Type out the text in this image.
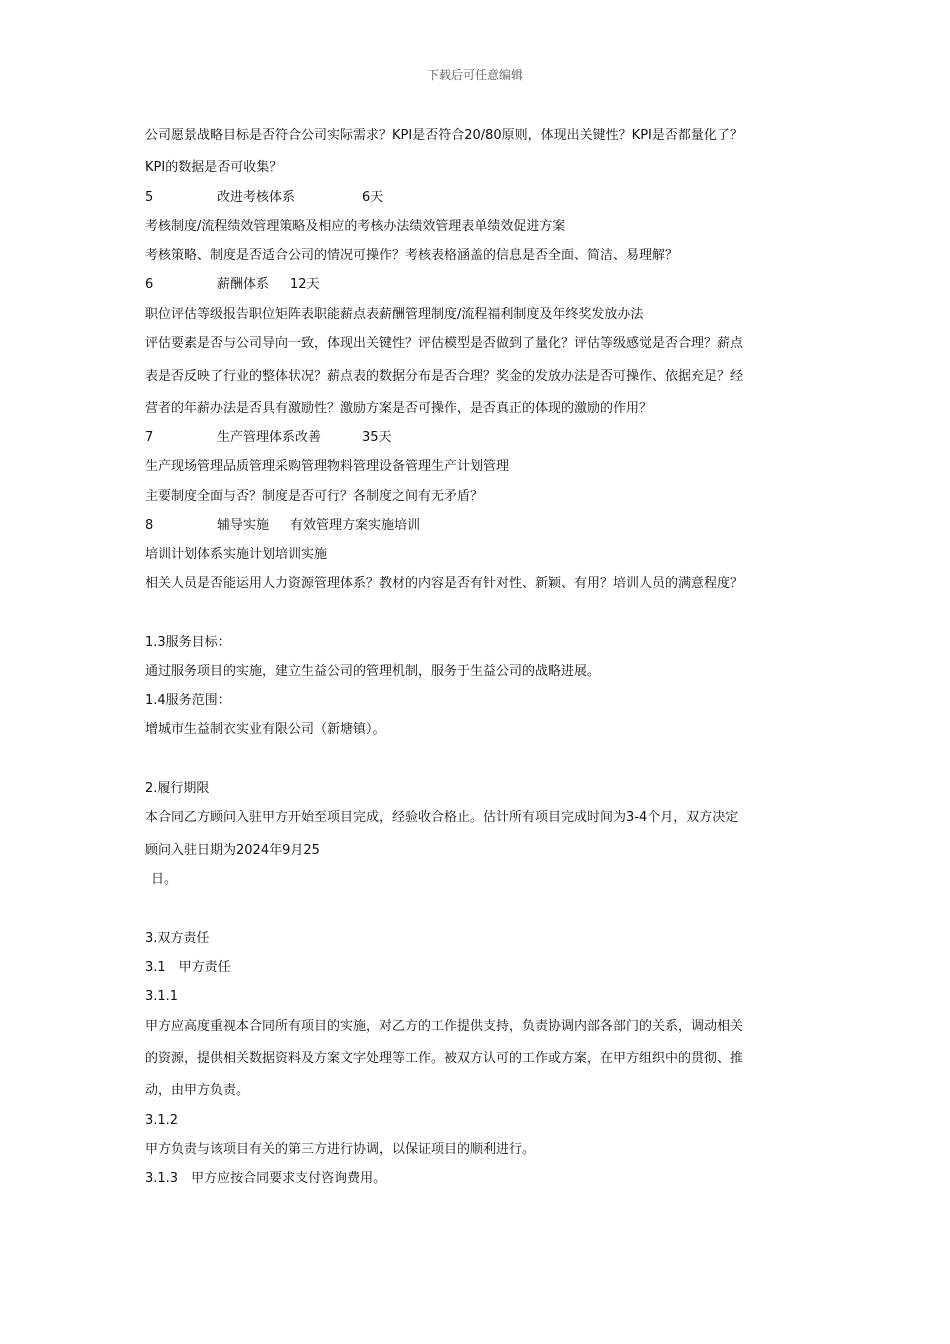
下载后可任意编辑
公司愿景战略目标是否符合公司实际需求？KPI是否符合20/80原则，体现出关键性？KPI是否都量化了？
KPI的数据是否可收集？
5	改进考核体系	6天
考核制度/流程绩效管理策略及相应的考核办法绩效管理表单绩效促进方案
考核策略、制度是否适合公司的情况可操作？考核表格涵盖的信息是否全面、简洁、易理解？
6	薪酬体系 12天
职位评估等级报告职位矩阵表职能薪点表薪酬管理制度/流程福利制度及年终奖发放办法
评估要素是否与公司导向一致，体现出关键性？评估模型是否做到了量化？评估等级感觉是否合理？薪点
表是否反映了行业的整体状况？薪点表的数据分布是否合理？奖金的发放办法是否可操作、依据充足？经
营者的年薪办法是否具有激励性？激励方案是否可操作，是否真正的体现的激励的作用？
7	生产管理体系改善	35天
生产现场管理品质管理采购管理物料管理设备管理生产计划管理
主要制度全面与否？制度是否可行？各制度之间有无矛盾？
8	辅导实施 有效管理方案实施培训
培训计划体系实施计划培训实施
相关人员是否能运用人力资源管理体系？教材的内容是否有针对性、新颖、有用？培训人员的满意程度？
1.3服务目标：
通过服务项目的实施，建立生益公司的管理机制，服务于生益公司的战略进展。
1.4服务范围：
增城市生益制衣实业有限公司（新塘镇）。
2.履行期限
本合同乙方顾问入驻甲方开始至项目完成，经验收合格止。估计所有项目完成时间为3-4个月，双方决定
顾问入驻日期为2024年9月25
日。
3.双方责任
3.1　甲方责任
3.1.1
甲方应高度重视本合同所有项目的实施，对乙方的工作提供支持，负责协调内部各部门的关系，调动相关
的资源，提供相关数据资料及方案文字处理等工作。被双方认可的工作或方案，在甲方组织中的贯彻、推
动，由甲方负责。
3.1.2
甲方负责与该项目有关的第三方进行协调，以保证项目的顺利进行。
3.1.3　甲方应按合同要求支付咨询费用。
